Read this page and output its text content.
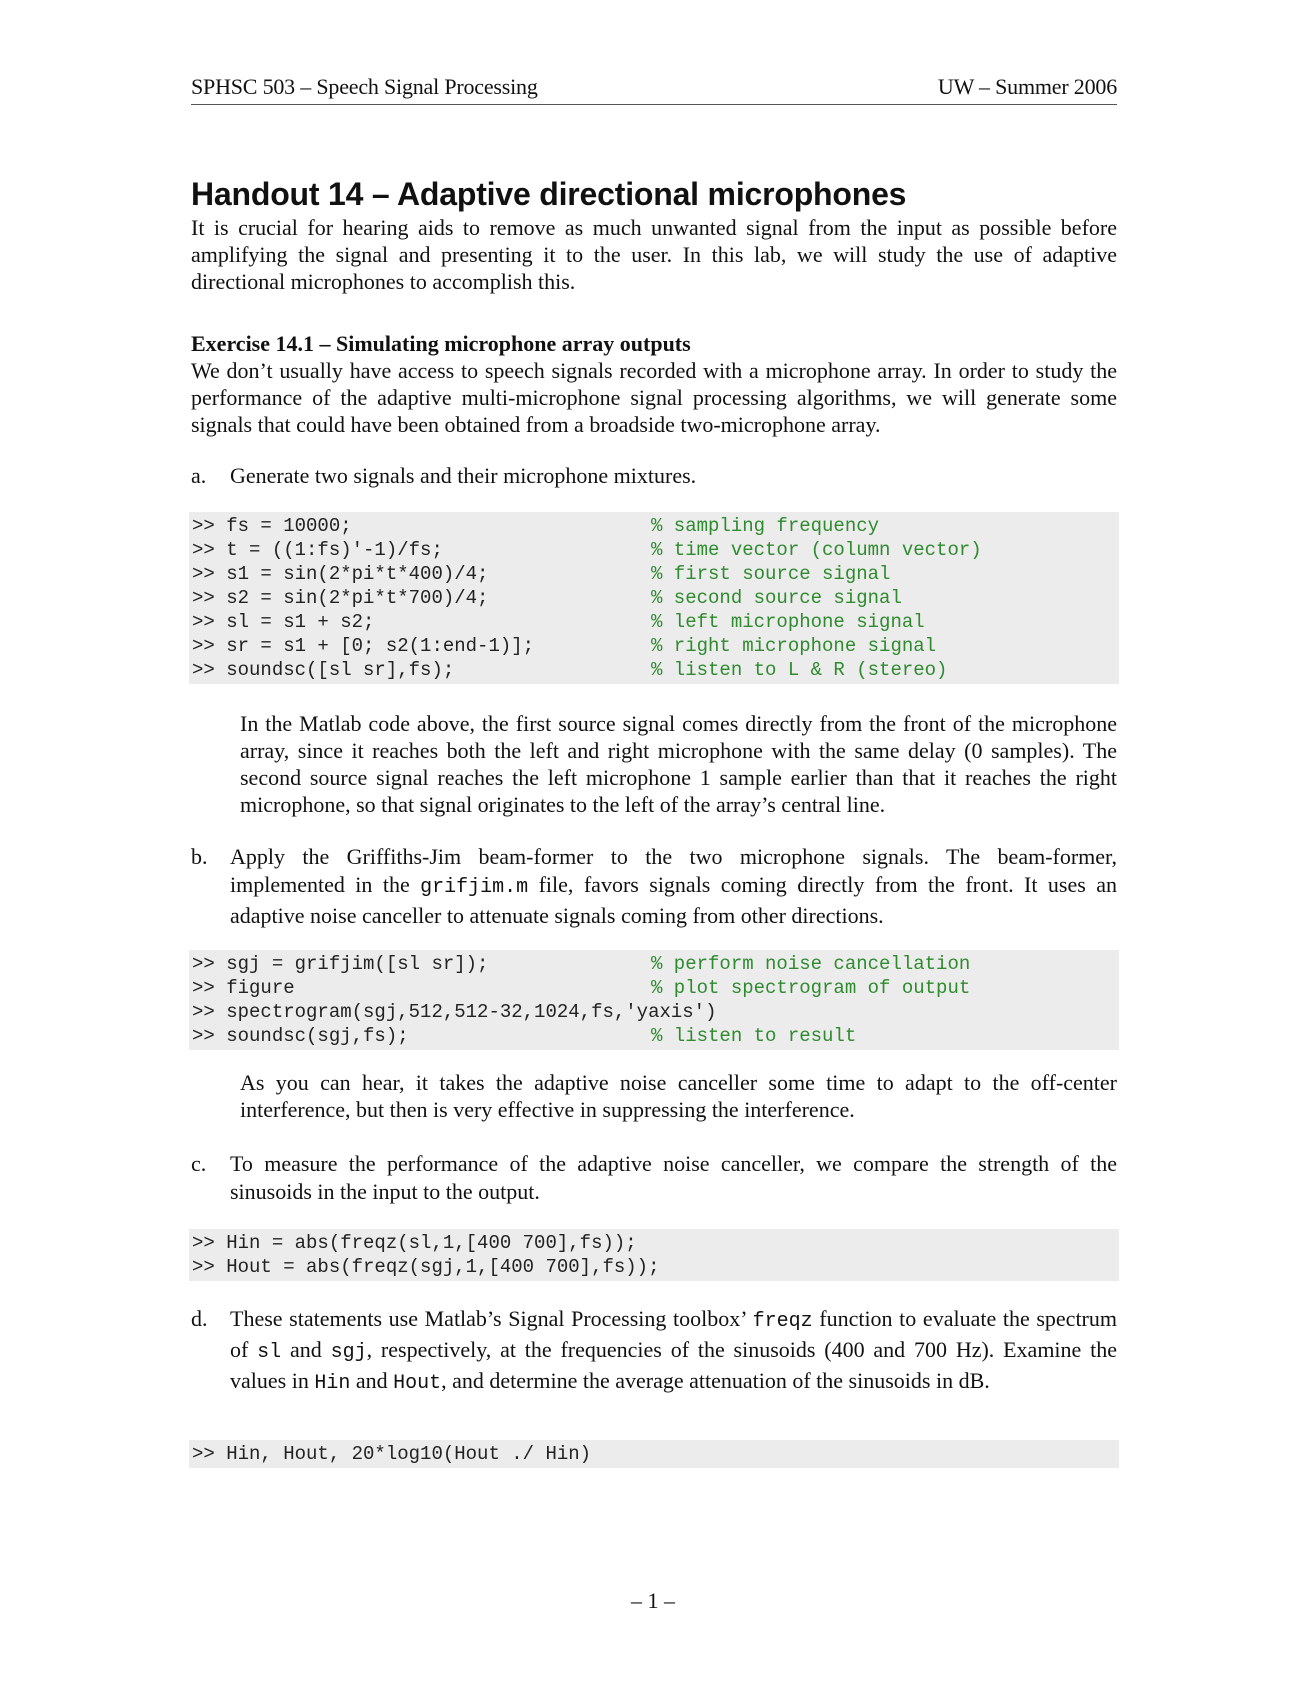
SPHSC 503 – Speech Signal Processing	UW – Summer 2006
Handout 14 – Adaptive directional microphones

It is crucial for hearing aids to remove as much unwanted signal from the input as possible before amplifying the signal and presenting it to the user. In this lab, we will study the use of adaptive directional microphones to accomplish this.

Exercise 14.1 – Simulating microphone array outputs

We don’t usually have access to speech signals recorded with a microphone array. In order to study the performance of the adaptive multi-microphone signal processing algorithms, we will generate some signals that could have been obtained from a broadside two-microphone array.

a. Generate two signals and their microphone mixtures.

>> fs = 10000;	% sampling frequency
>> t = ((1:fs)'-1)/fs;	% time vector (column vector)
>> s1 = sin(2*pi*t*400)/4;	% first source signal
>> s2 = sin(2*pi*t*700)/4;	% second source signal
>> sl = s1 + s2;	% left microphone signal
>> sr = s1 + [0; s2(1:end-1)];	% right microphone signal
>> soundsc([sl sr],fs);	% listen to L & R (stereo)

In the Matlab code above, the first source signal comes directly from the front of the microphone array, since it reaches both the left and right microphone with the same delay (0 samples). The second source signal reaches the left microphone 1 sample earlier than that it reaches the right microphone, so that signal originates to the left of the array’s central line.

b. Apply the Griffiths-Jim beam-former to the two microphone signals. The beam-former, implemented in the grifjim.m file, favors signals coming directly from the front. It uses an adaptive noise canceller to attenuate signals coming from other directions.

>> sgj = grifjim([sl sr]);	% perform noise cancellation
>> figure	% plot spectrogram of output
>> spectrogram(sgj,512,512-32,1024,fs,'yaxis')
>> soundsc(sgj,fs);	% listen to result

As you can hear, it takes the adaptive noise canceller some time to adapt to the off-center interference, but then is very effective in suppressing the interference.

c. To measure the performance of the adaptive noise canceller, we compare the strength of the sinusoids in the input to the output.

>> Hin = abs(freqz(sl,1,[400 700],fs));
>> Hout = abs(freqz(sgj,1,[400 700],fs));
d. These statements use Matlab’s Signal Processing toolbox’ freqz function to evaluate the spectrum of sl and sgj, respectively, at the frequencies of the sinusoids (400 and 700 Hz). Examine the values in Hin and Hout, and determine the average attenuation of the sinusoids in dB.

>> Hin, Hout, 20*log10(Hout ./ Hin)
– 1 –
